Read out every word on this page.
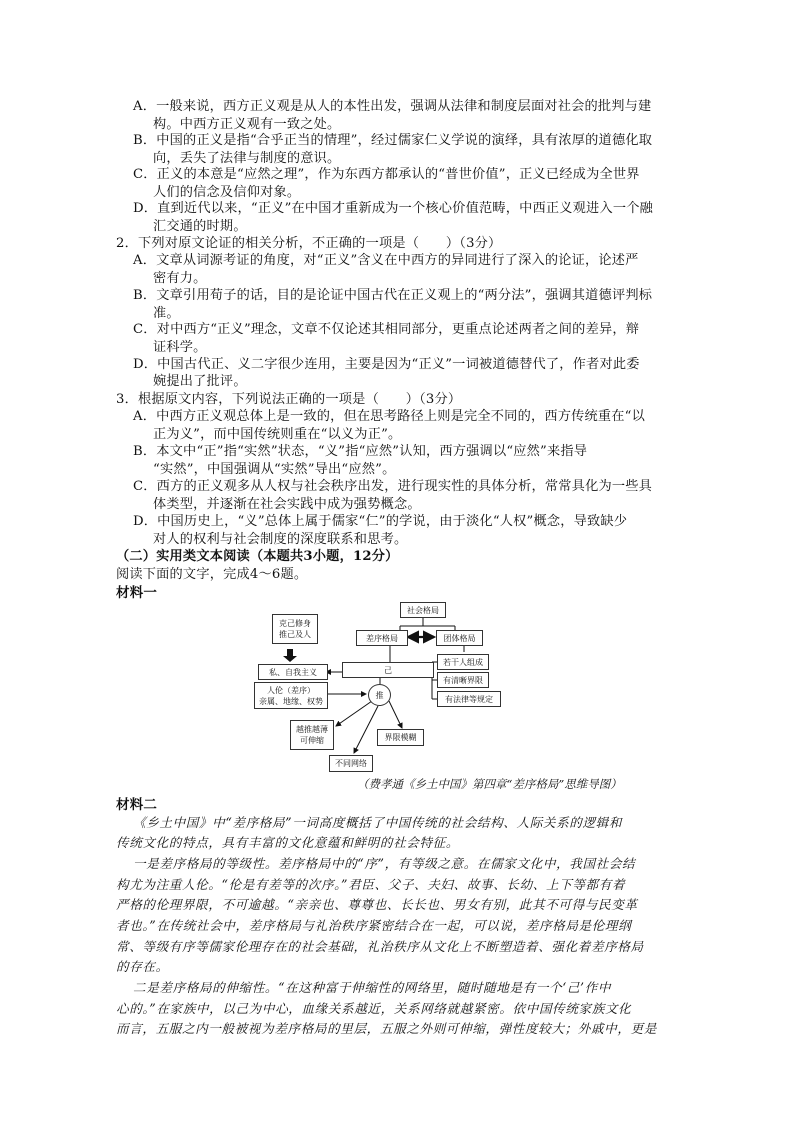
A．一般来说，西方正义观是从人的本性出发，强调从法律和制度层面对社会的批判与建
构。中西方正义观有一致之处。
B．中国的正义是指“合乎正当的情理”，经过儒家仁义学说的演绎，具有浓厚的道德化取
向，丢失了法律与制度的意识。
C．正义的本意是“应然之理”，作为东西方都承认的“普世价值”，正义已经成为全世界
人们的信念及信仰对象。
D．直到近代以来，“正义”在中国才重新成为一个核心价值范畴，中西正义观进入一个融
汇交通的时期。
2．下列对原文论证的相关分析，不正确的一项是（　　）（3分）
A．文章从词源考证的角度，对“正义”含义在中西方的异同进行了深入的论证，论述严
密有力。
B．文章引用荀子的话，目的是论证中国古代在正义观上的“两分法”，强调其道德评判标
准。
C．对中西方“正义”理念，文章不仅论述其相同部分，更重点论述两者之间的差异，辩
证科学。
D．中国古代正、义二字很少连用，主要是因为“正义”一词被道德替代了，作者对此委
婉提出了批评。
3．根据原文内容，下列说法正确的一项是（　　）（3分）
A．中西方正义观总体上是一致的，但在思考路径上则是完全不同的，西方传统重在“以
正为义”，而中国传统则重在“以义为正”。
B．本文中“正”指“实然”状态，“义”指“应然”认知，西方强调以“应然”来指导
“实然”，中国强调从“实然”导出“应然”。
C．西方的正义观多从人权与社会秩序出发，进行现实性的具体分析，常常具化为一些具
体类型，并逐渐在社会实践中成为强势概念。
D．中国历史上，“义”总体上属于儒家“仁”的学说，由于淡化“人权”概念，导致缺少
对人的权利与社会制度的深度联系和思考。
（二）实用类文本阅读（本题共3小题，12分）
阅读下面的文字，完成4～6题。
材料一
克己修身
推己及人
私、自我主义	己
人伦（差序）
亲属、地缘、权势
推
越推越薄
可伸缩	界限模糊
不同网络
社会格局
差序格局	团体格局
若干人组成
有清晰界限
有法律等规定
（费孝通《乡土中国》第四章“差序格局”思维导图）
材料二
《乡土中国》中“差序格局”一词高度概括了中国传统的社会结构、人际关系的逻辑和
传统文化的特点，具有丰富的文化意蕴和鲜明的社会特征。
一是差序格局的等级性。差序格局中的“序”，有等级之意。在儒家文化中，我国社会结
构尤为注重人伦。“伦是有差等的次序。”君臣、父子、夫妇、故事、长幼、上下等都有着
严格的伦理界限，不可逾越。“亲亲也、尊尊也、长长也、男女有别，此其不可得与民变革
者也。”在传统社会中，差序格局与礼治秩序紧密结合在一起，可以说，差序格局是伦理纲
常、等级有序等儒家伦理存在的社会基础，礼治秩序从文化上不断塑造着、强化着差序格局
的存在。
二是差序格局的伸缩性。“在这种富于伸缩性的网络里，随时随地是有一个‘己’作中
心的。”在家族中，以己为中心，血缘关系越近，关系网络就越紧密。依中国传统家族文化
而言，五服之内一般被视为差序格局的里层，五服之外则可伸缩，弹性度较大；外戚中，更是
